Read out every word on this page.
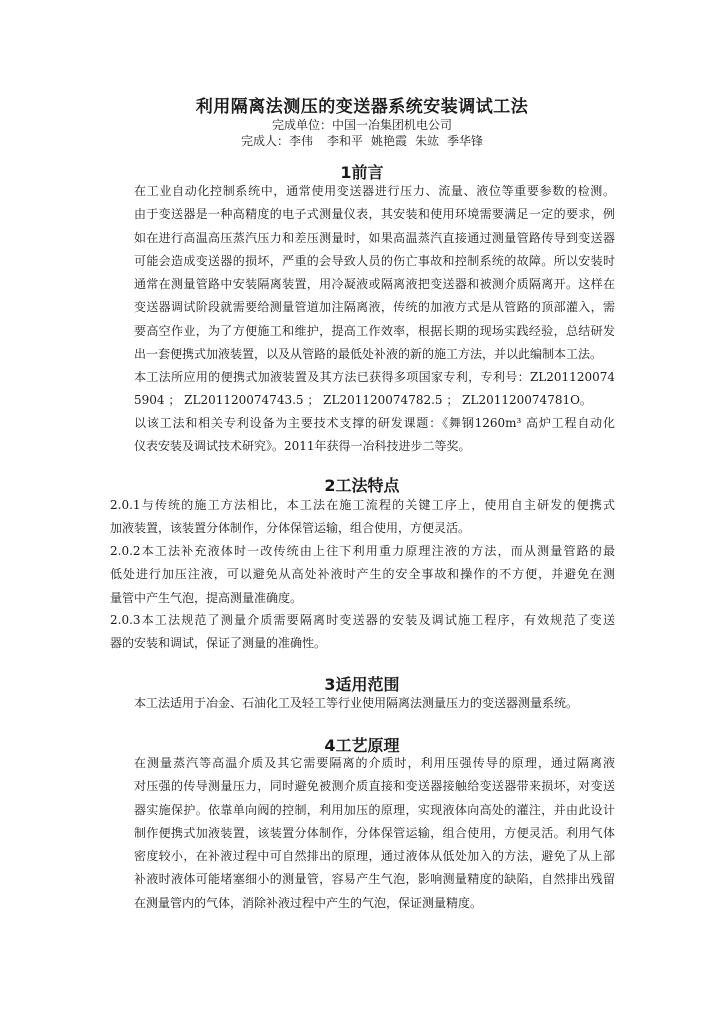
利用隔离法测压的变送器系统安装调试工法
完成单位：中国一冶集团机电公司
完成人：李伟 李和平 姚艳霞 朱竑 季华锋
1前言
在工业自动化控制系统中，通常使用变送器进行压力、流量、液位等重要参数的检测。
由于变送器是一种高精度的电子式测量仪表，其安装和使用环境需要满足一定的要求，例
如在进行高温高压蒸汽压力和差压测量时，如果高温蒸汽直接通过测量管路传导到变送器
可能会造成变送器的损坏，严重的会导致人员的伤亡事故和控制系统的故障。所以安装时
通常在测量管路中安装隔离装置，用冷凝液或隔离液把变送器和被测介质隔离开。这样在
变送器调试阶段就需要给测量管道加注隔离液，传统的加液方式是从管路的顶部灌入，需
要高空作业，为了方便施工和维护，提高工作效率，根据长期的现场实践经验，总结研发
出一套便携式加液装置，以及从管路的最低处补液的新的施工方法，并以此编制本工法。
本工法所应用的便携式加液装置及其方法已获得多项国家专利，专利号：ZL201120074
5904 ； ZL201120074743.5 ； ZL201120074782.5 ； ZL201120074781O。
以该工法和相关专利设备为主要技术支撑的研发课题：《舞钢1260m³ 高炉工程自动化
仪表安装及调试技术研究》。2011年获得一冶科技进步二等奖。
2工法特点
2.0.1与传统的施工方法相比，本工法在施工流程的关键工序上，使用自主研发的便携式
加液装置，该装置分体制作，分体保管运输，组合使用，方便灵活。
2.0.2本工法补充液体时一改传统由上往下利用重力原理注液的方法，而从测量管路的最
低处进行加压注液，可以避免从高处补液时产生的安全事故和操作的不方便，并避免在测
量管中产生气泡，提高测量准确度。
2.0.3本工法规范了测量介质需要隔离时变送器的安装及调试施工程序，有效规范了变送
器的安装和调试，保证了测量的准确性。
3适用范围
本工法适用于冶金、石油化工及轻工等行业使用隔离法测量压力的变送器测量系统。
4工艺原理
在测量蒸汽等高温介质及其它需要隔离的介质时，利用压强传导的原理，通过隔离液
对压强的传导测量压力，同时避免被测介质直接和变送器接触给变送器带来损坏，对变送
器实施保护。依靠单向阀的控制，利用加压的原理，实现液体向高处的灌注，并由此设计
制作便携式加液装置，该装置分体制作，分体保管运输，组合使用，方便灵活。利用气体
密度较小，在补液过程中可自然排出的原理，通过液体从低处加入的方法，避免了从上部
补液时液体可能堵塞细小的测量管，容易产生气泡，影响测量精度的缺陷，自然排出残留
在测量管内的气体，消除补液过程中产生的气泡，保证测量精度。
